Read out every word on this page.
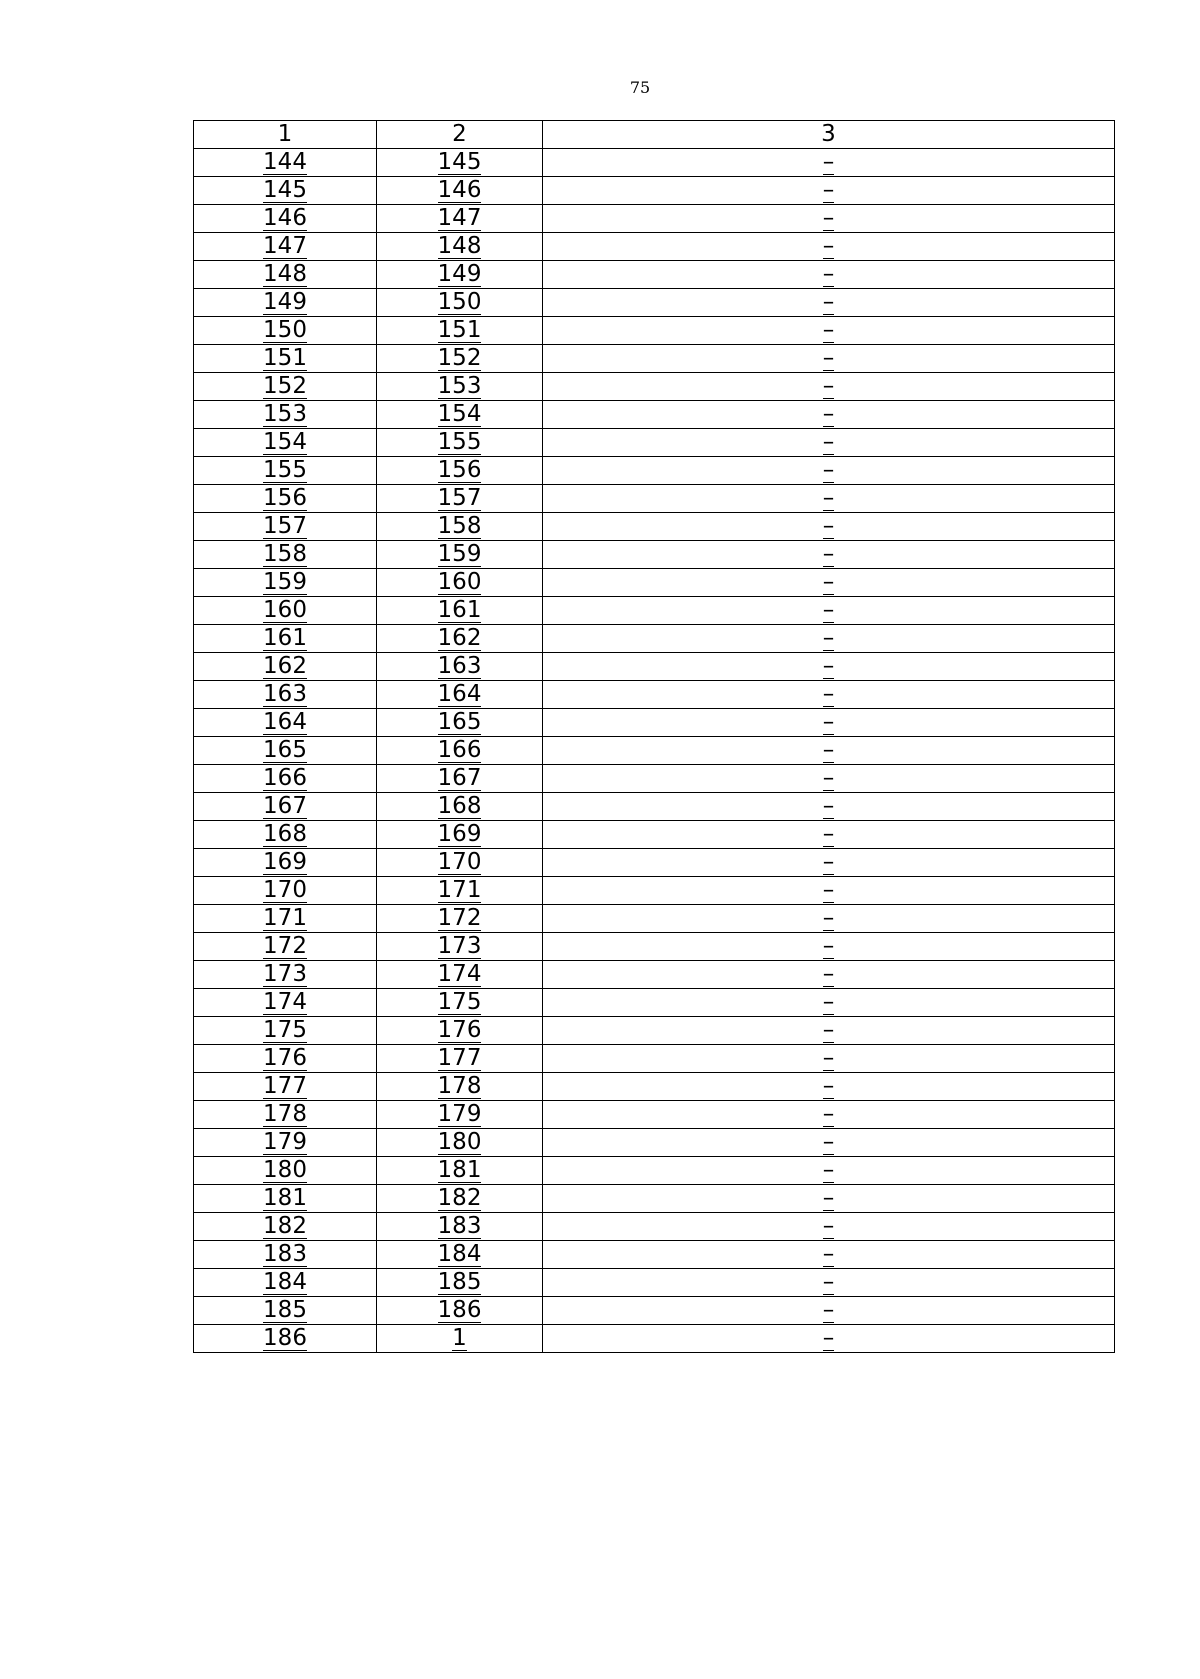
75
1	2	3
144	145	–
145	146	–
146	147	–
147	148	–
148	149	–
149	150	–
150	151	–
151	152	–
152	153	–
153	154	–
154	155	–
155	156	–
156	157	–
157	158	–
158	159	–
159	160	–
160	161	–
161	162	–
162	163	–
163	164	–
164	165	–
165	166	–
166	167	–
167	168	–
168	169	–
169	170	–
170	171	–
171	172	–
172	173	–
173	174	–
174	175	–
175	176	–
176	177	–
177	178	–
178	179	–
179	180	–
180	181	–
181	182	–
182	183	–
183	184	–
184	185	–
185	186	–
186	1	–
